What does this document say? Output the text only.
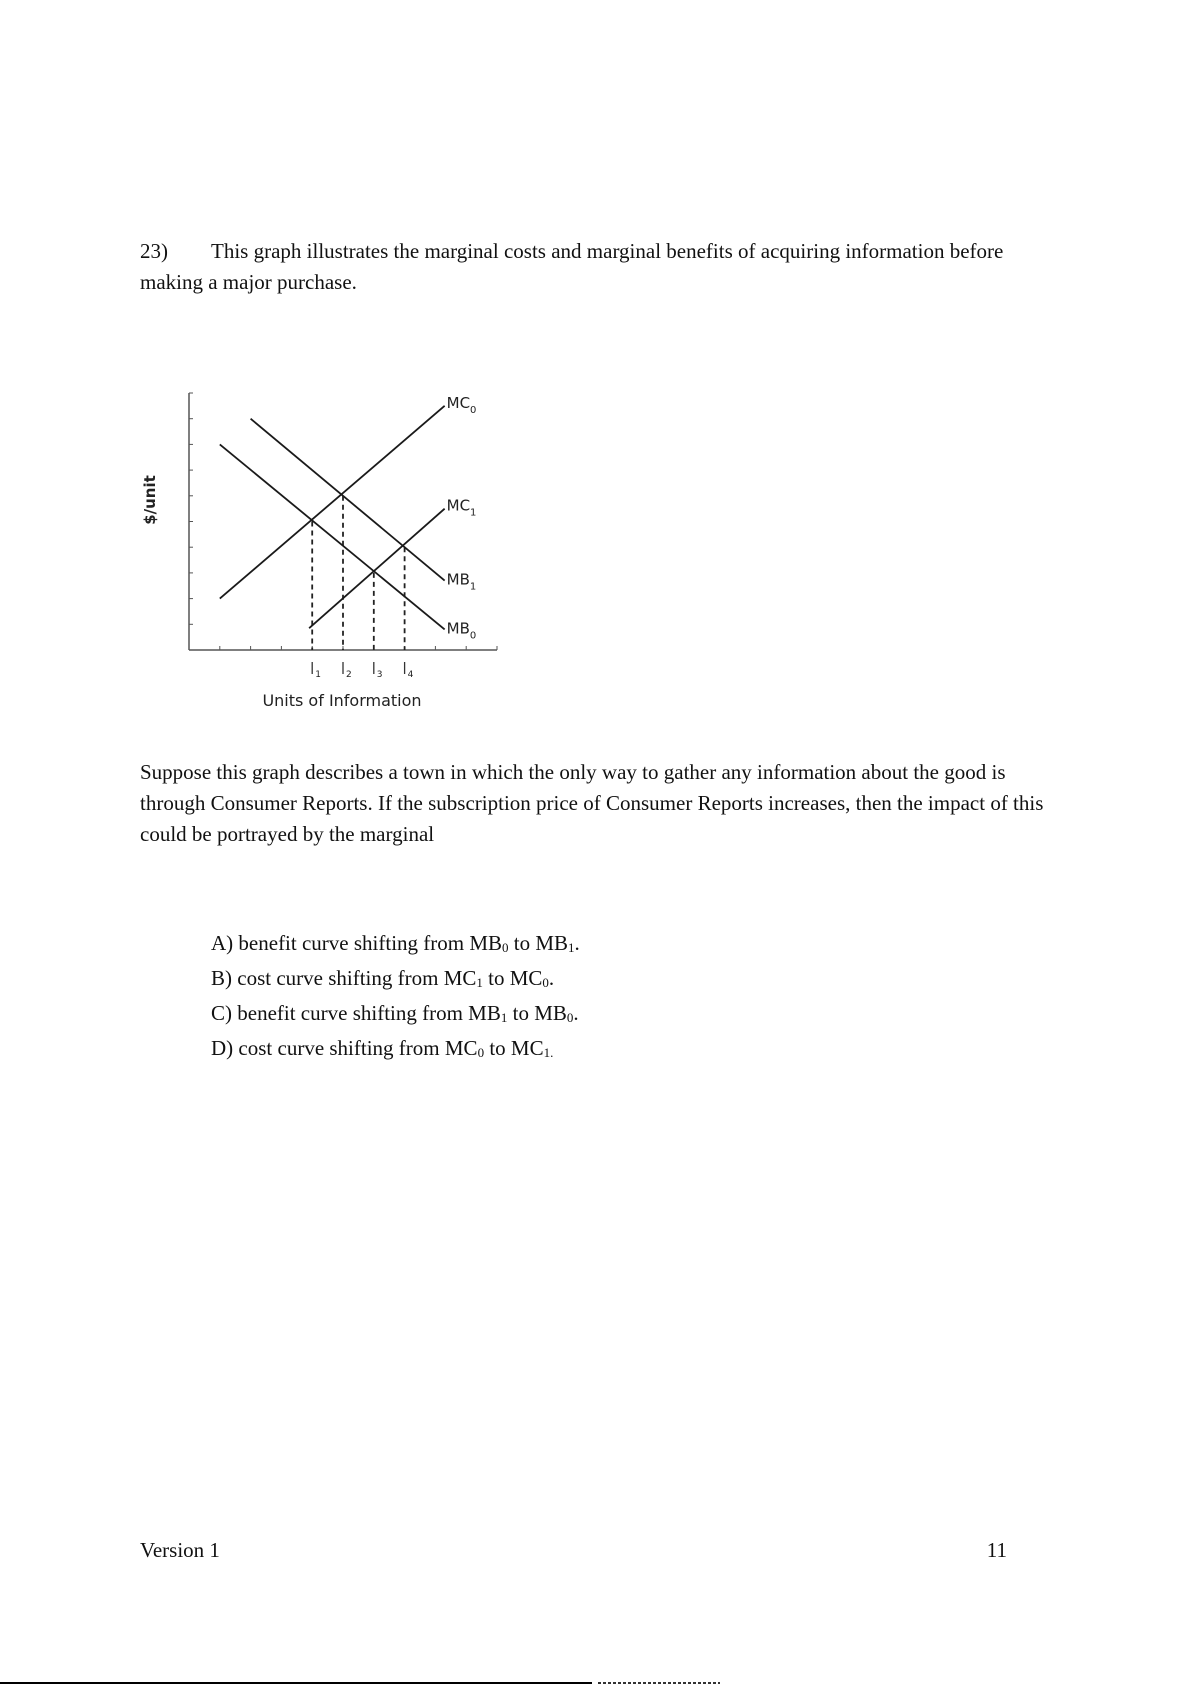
23) This graph illustrates the marginal costs and marginal benefits of acquiring information before making a major purchase.
1	2	3	4
$MC_0$
$MC_1$
$MB_1$
$MB_0$
$/unit
Units of Information
Suppose this graph describes a town in which the only way to gather any information about the good is through Consumer Reports. If the subscription price of Consumer Reports increases, then the impact of this could be portrayed by the marginal
A) benefit curve shifting from $MB_0$ to $MB_1$.
B) cost curve shifting from $MC_1$ to $MC_0$.
C) benefit curve shifting from $MB_1$ to $MB_0$.
D) cost curve shifting from $MC_0$ to $MC_{1.}$
Version 1	11
